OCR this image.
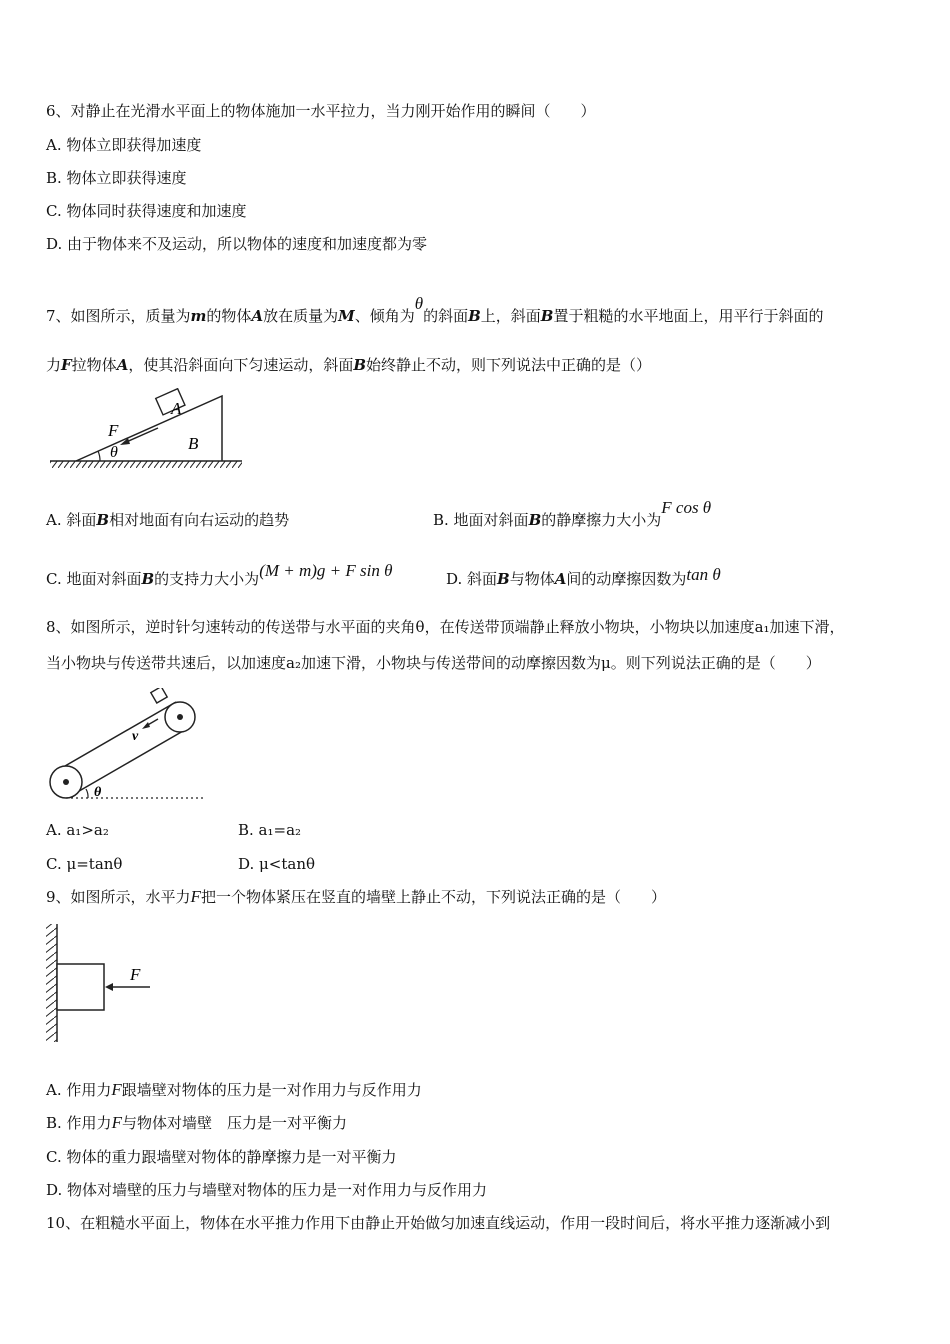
6、对静止在光滑水平面上的物体施加一水平拉力，当力刚开始作用的瞬间（　　）
A. 物体立即获得加速度
B. 物体立即获得速度
C. 物体同时获得速度和加速度
D. 由于物体来不及运动，所以物体的速度和加速度都为零
7、如图所示，质量为m的物体A放在质量为M、倾角为θ的斜面B上，斜面B置于粗糙的水平地面上，用平行于斜面的
力F拉物体A，使其沿斜面向下匀速运动，斜面B始终静止不动，则下列说法中正确的是（）
A
F
B
θ
A. 斜面B相对地面有向右运动的趋势	B. 地面对斜面B的静摩擦力大小为F cos θ
C. 地面对斜面B的支持力大小为(M + m)g + F sin θ	D. 斜面B与物体A间的动摩擦因数为tan θ
8、如图所示，逆时针匀速转动的传送带与水平面的夹角θ，在传送带顶端静止释放小物块，小物块以加速度a₁加速下滑，
当小物块与传送带共速后，以加速度a₂加速下滑，小物块与传送带间的动摩擦因数为μ。则下列说法正确的是（　　）
v
θ
A. a₁>a₂	B. a₁=a₂
C. μ=tanθ	D. μ<tanθ
9、如图所示，水平力F把一个物体紧压在竖直的墙壁上静止不动，下列说法正确的是（　　）
F
A. 作用力F跟墙壁对物体的压力是一对作用力与反作用力
B. 作用力F与物体对墙壁　压力是一对平衡力
C. 物体的重力跟墙壁对物体的静摩擦力是一对平衡力
D. 物体对墙壁的压力与墙壁对物体的压力是一对作用力与反作用力
10、在粗糙水平面上，物体在水平推力作用下由静止开始做匀加速直线运动，作用一段时间后，将水平推力逐渐减小到
